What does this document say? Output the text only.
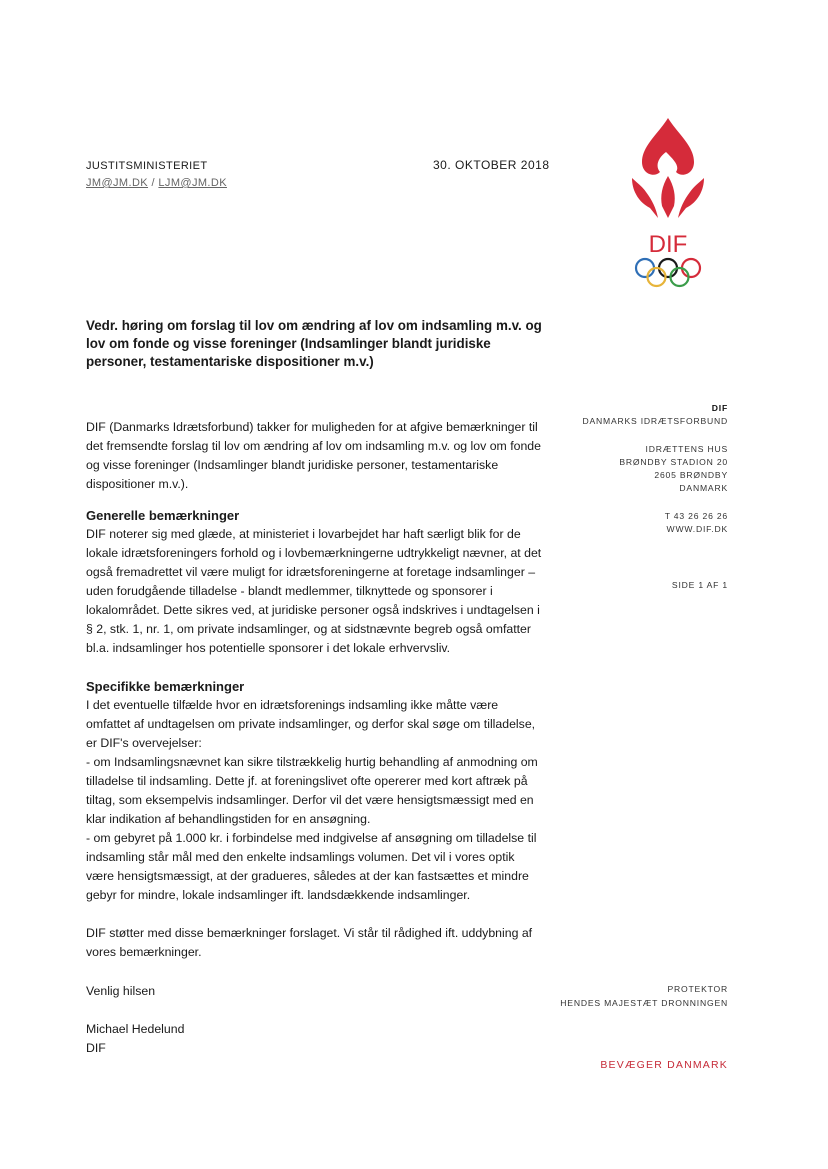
JUSTITSMINISTERIET
JM@JM.DK / LJM@JM.DK
30. OKTOBER 2018
DIF
Vedr. høring om forslag til lov om ændring af lov om indsamling m.v. og lov om fonde og visse foreninger (Indsamlinger blandt juridiske personer, testamentariske dispositioner m.v.)

DIF (Danmarks Idrætsforbund) takker for muligheden for at afgive bemærkninger til det fremsendte forslag til lov om ændring af lov om indsamling m.v. og lov om fonde og visse foreninger (Indsamlinger blandt juridiske personer, testamentariske dispositioner m.v.).

Generelle bemærkninger

DIF noterer sig med glæde, at ministeriet i lovarbejdet har haft særligt blik for de lokale idrætsforeningers forhold og i lovbemærkningerne udtrykkeligt nævner, at det også fremadrettet vil være muligt for idrætsforeningerne at foretage indsamlinger – uden forudgående tilladelse - blandt medlemmer, tilknyttede og sponsorer i lokalområdet. Dette sikres ved, at juridiske personer også indskrives i undtagelsen i § 2, stk. 1, nr. 1, om private indsamlinger, og at sidstnævnte begreb også omfatter bl.a. indsamlinger hos potentielle sponsorer i det lokale erhvervsliv.

Specifikke bemærkninger

I det eventuelle tilfælde hvor en idrætsforenings indsamling ikke måtte være omfattet af undtagelsen om private indsamlinger, og derfor skal søge om tilladelse, er DIF's overvejelser:

- om Indsamlingsnævnet kan sikre tilstrækkelig hurtig behandling af anmodning om tilladelse til indsamling. Dette jf. at foreningslivet ofte opererer med kort aftræk på tiltag, som eksempelvis indsamlinger. Derfor vil det være hensigtsmæssigt med en klar indikation af behandlingstiden for en ansøgning.

- om gebyret på 1.000 kr. i forbindelse med indgivelse af ansøgning om tilladelse til indsamling står mål med den enkelte indsamlings volumen. Det vil i vores optik være hensigtsmæssigt, at der gradueres, således at der kan fastsættes et mindre gebyr for mindre, lokale indsamlinger ift. landsdækkende indsamlinger.

DIF støtter med disse bemærkninger forslaget. Vi står til rådighed ift. uddybning af vores bemærkninger.

Venlig hilsen

Michael Hedelund

DIF

DIF
DANMARKS IDRÆTSFORBUND
IDRÆTTENS HUS
BRØNDBY STADION 20
2605 BRØNDBY
DANMARK
T 43 26 26 26
WWW.DIF.DK
SIDE 1 AF 1
PROTEKTOR
HENDES MAJESTÆT DRONNINGEN
BEVÆGER DANMARK
